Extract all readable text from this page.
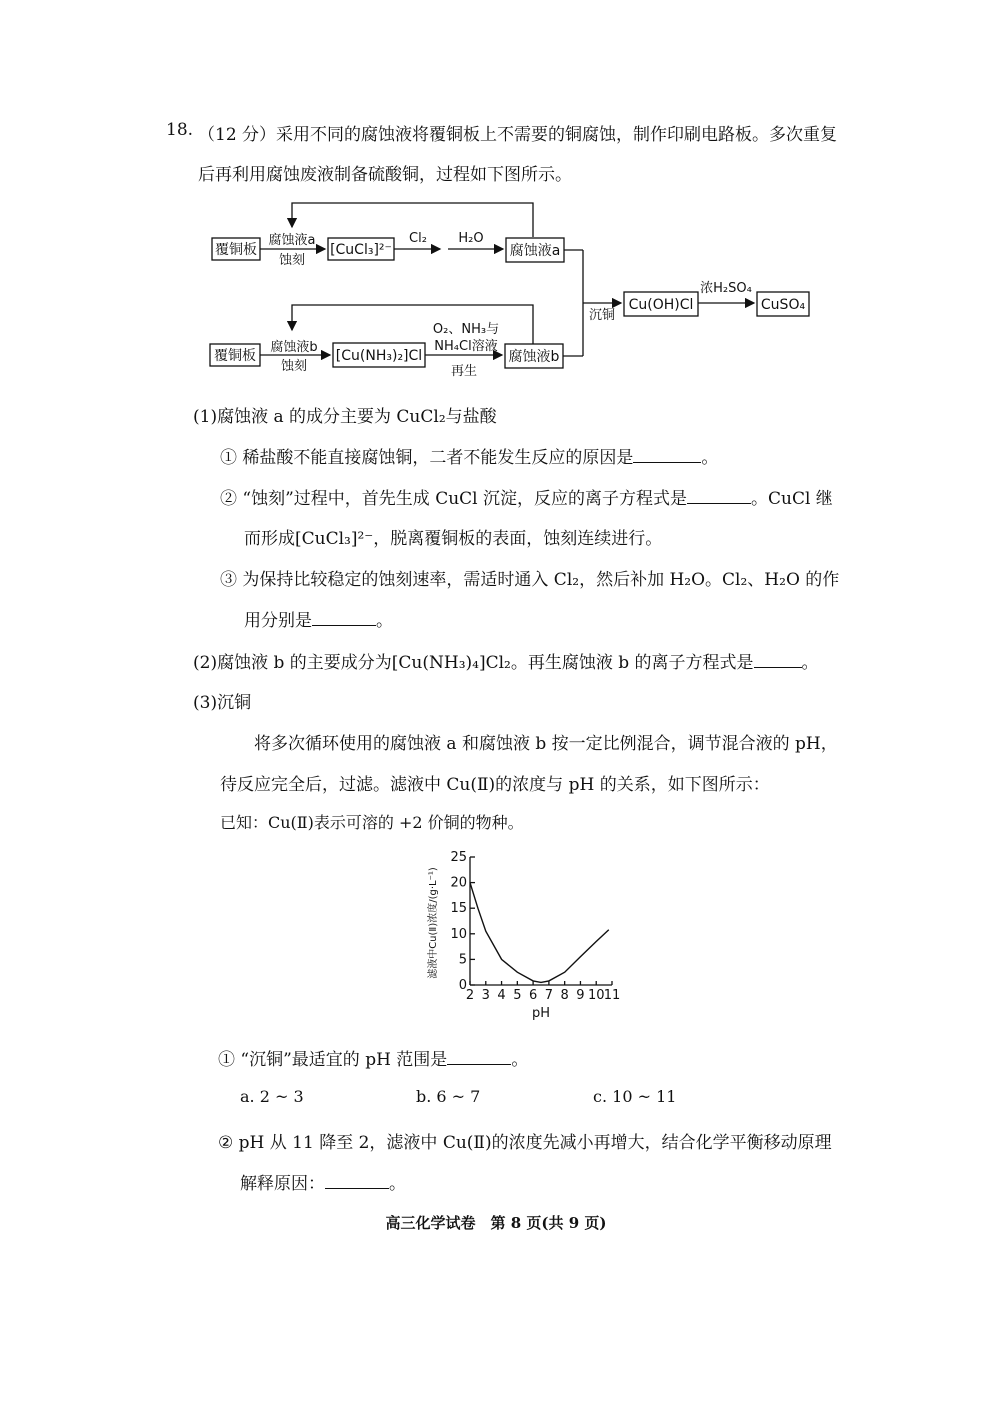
18. （12 分）采用不同的腐蚀液将覆铜板上不需要的铜腐蚀，制作印刷电路板。多次重复
后再利用腐蚀废液制备硫酸铜，过程如下图所示。
覆铜板
腐蚀液a
蚀刻
[CuCl₃]²⁻
Cl₂ H₂O
腐蚀液a
覆铜板
腐蚀液b
蚀刻
[Cu(NH₃)₂]Cl
O₂、NH₃与
NH₄Cl溶液
再生
腐蚀液b
沉铜
Cu(OH)Cl
浓H₂SO₄
CuSO₄
(1)腐蚀液 a 的成分主要为 CuCl₂与盐酸
① 稀盐酸不能直接腐蚀铜，二者不能发生反应的原因是	。
② “蚀刻”过程中，首先生成 CuCl 沉淀，反应的离子方程式是	。CuCl 继
而形成[CuCl₃]²⁻，脱离覆铜板的表面，蚀刻连续进行。
③ 为保持比较稳定的蚀刻速率，需适时通入 Cl₂，然后补加 H₂O。Cl₂、H₂O 的作
用分别是	。
(2)腐蚀液 b 的主要成分为[Cu(NH₃)₄]Cl₂。再生腐蚀液 b 的离子方程式是	。
(3)沉铜
将多次循环使用的腐蚀液 a 和腐蚀液 b 按一定比例混合，调节混合液的 pH，
待反应完全后，过滤。滤液中 Cu(Ⅱ)的浓度与 pH 的关系，如下图所示：
已知：Cu(Ⅱ)表示可溶的 +2 价铜的物种。
0
5
10
15
20
25
2 3 4 5 6 7 8 9 10 11
pH
滤液中Cu(Ⅱ)浓度/(g·L⁻¹)
① “沉铜”最适宜的 pH 范围是	。
a. 2 ~ 3	b. 6 ~ 7	c. 10 ~ 11
② pH 从 11 降至 2，滤液中 Cu(Ⅱ)的浓度先减小再增大，结合化学平衡移动原理
解释原因：	。
高三化学试卷　第 8 页(共 9 页)
